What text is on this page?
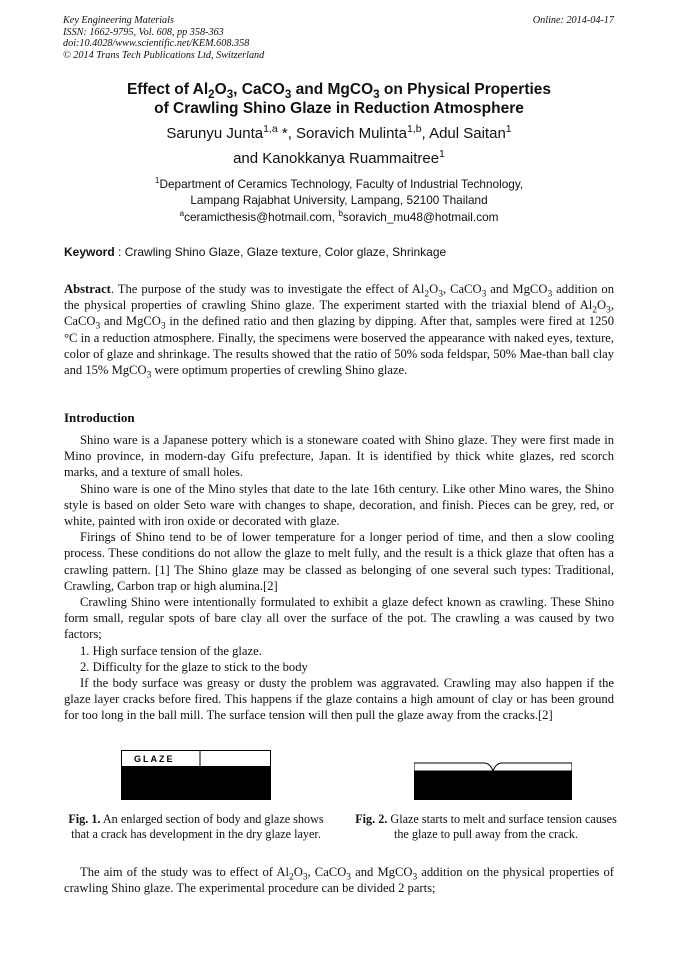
Key Engineering Materials
ISSN: 1662-9795, Vol. 608, pp 358-363
doi:10.4028/www.scientific.net/KEM.608.358
© 2014 Trans Tech Publications Ltd, Switzerland
Online: 2014-04-17
Effect of $Al_2O_3$, CaCO$_3$ and MgCO$_3$ on Physical Properties
of Crawling Shino Glaze in Reduction Atmosphere
Sarunyu Junta$^{1,a}$ *, Soravich Mulinta$^{1,b}$, Adul Saitan$^1$
and Kanokkanya Ruammaitree$^1$
$^1$Department of Ceramics Technology, Faculty of Industrial Technology,
Lampang Rajabhat University, Lampang, 52100 Thailand
$^a$ceramicthesis@hotmail.com, $^b$soravich_mu48@hotmail.com
Keyword : Crawling Shino Glaze, Glaze texture, Color glaze, Shrinkage
Abstract. The purpose of the study was to investigate the effect of $Al_2O_3$, CaCO$_3$ and MgCO$_3$ addition on the physical properties of crawling Shino glaze. The experiment started with the triaxial blend of $Al_2O_3$, CaCO$_3$ and MgCO$_3$ in the defined ratio and then glazing by dipping. After that, samples were fired at 1250 °C in a reduction atmosphere. Finally, the specimens were boserved the appearance with naked eyes, texture, color of glaze and shrinkage. The results showed that the ratio of 50% soda feldspar, 50% Mae-than ball clay and 15% MgCO$_3$ were optimum properties of crewling Shino glaze.
Introduction

Shino ware is a Japanese pottery which is a stoneware coated with Shino glaze. They were first made in Mino province, in modern-day Gifu prefecture, Japan. It is identified by thick white glazes, red scorch marks, and a texture of small holes.

Shino ware is one of the Mino styles that date to the late 16th century. Like other Mino wares, the Shino style is based on older Seto ware with changes to shape, decoration, and finish. Pieces can be grey, red, or white, painted with iron oxide or decorated with glaze.

Firings of Shino tend to be of lower temperature for a longer period of time, and then a slow cooling process. These conditions do not allow the glaze to melt fully, and the result is a thick glaze that often has a crawling pattern. [1] The Shino glaze may be classed as belonging of one several such types: Traditional, Crawling, Carbon trap or high alumina.[2]

Crawling Shino were intentionally formulated to exhibit a glaze defect known as crawling. These Shino form small, regular spots of bare clay all over the surface of the pot. The crawling a was caused by two factors;

1. High surface tension of the glaze.

2. Difficulty for the glaze to stick to the body

If the body surface was greasy or dusty the problem was aggravated. Crawling may also happen if the glaze layer cracks before fired. This happens if the glaze contains a high amount of clay or has been ground for too long in the ball mill. The surface tension will then pull the glaze away from the cracks.[2]

GLAZE
Fig. 1. An enlarged section of body and glaze shows that a crack has development in the dry glaze layer.
Fig. 2. Glaze starts to melt and surface tension causes the glaze to pull away from the crack.

The aim of the study was to effect of $Al_2O_3$, CaCO$_3$ and MgCO$_3$ addition on the physical properties of crawling Shino glaze. The experimental procedure can be divided 2 parts;
